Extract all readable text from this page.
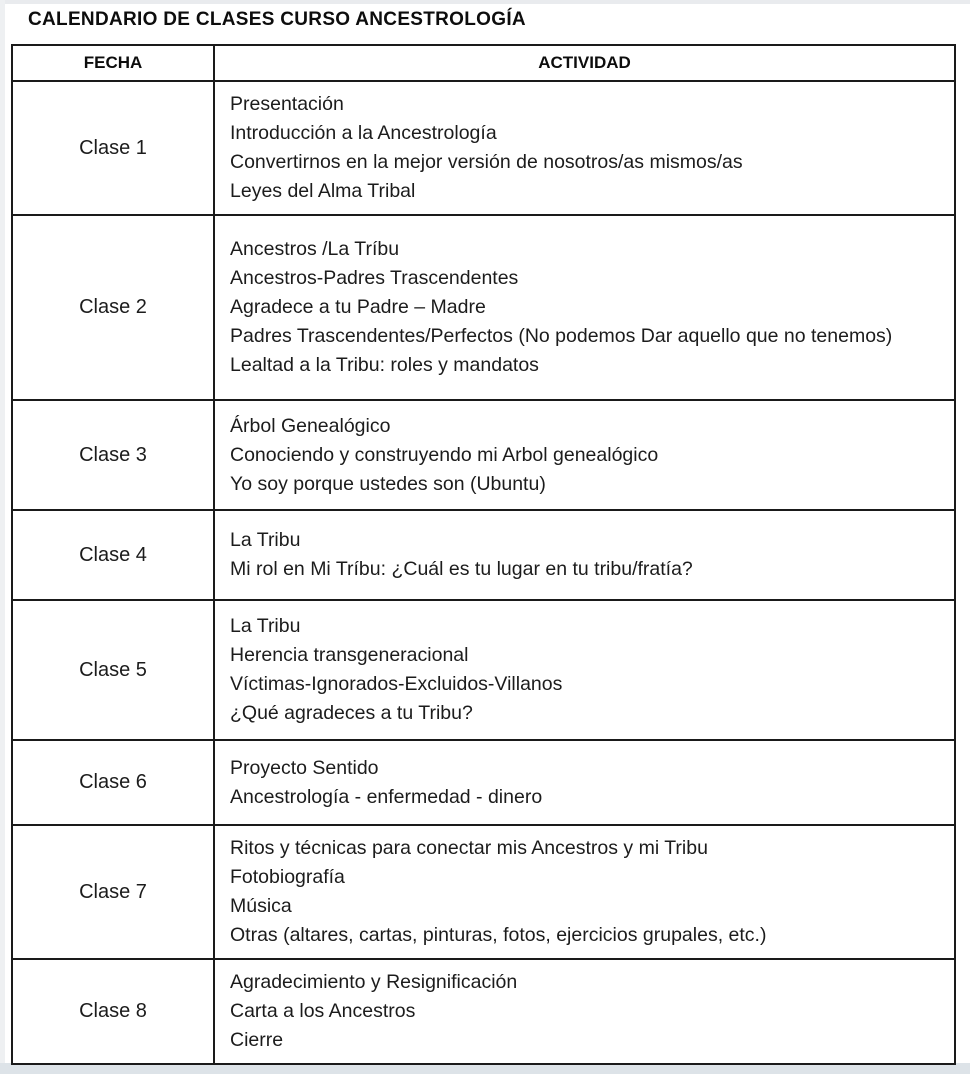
CALENDARIO DE CLASES CURSO ANCESTROLOGÍA
FECHA	ACTIVIDAD
Clase 1	Presentación
Introducción a la Ancestrología
Convertirnos en la mejor versión de nosotros/as mismos/as
Leyes del Alma Tribal

Clase 2	Ancestros /La Tríbu
Ancestros-Padres Trascendentes
Agradece a tu Padre – Madre
Padres Trascendentes/Perfectos (No podemos Dar aquello que no tenemos)
Lealtad a la Tribu: roles y mandatos

Clase 3	Árbol Genealógico
Conociendo y construyendo mi Arbol genealógico
Yo soy porque ustedes son (Ubuntu)

Clase 4	La Tribu
Mi rol en Mi Tríbu: ¿Cuál es tu lugar en tu tribu/fratía?

Clase 5	La Tribu
Herencia transgeneracional
Víctimas-Ignorados-Excluidos-Villanos
¿Qué agradeces a tu Tribu?

Clase 6	Proyecto Sentido
Ancestrología - enfermedad - dinero

Clase 7	Ritos y técnicas para conectar mis Ancestros y mi Tribu
Fotobiografía
Música
Otras (altares, cartas, pinturas, fotos, ejercicios grupales, etc.)

Clase 8	Agradecimiento y Resignificación
Carta a los Ancestros
Cierre
